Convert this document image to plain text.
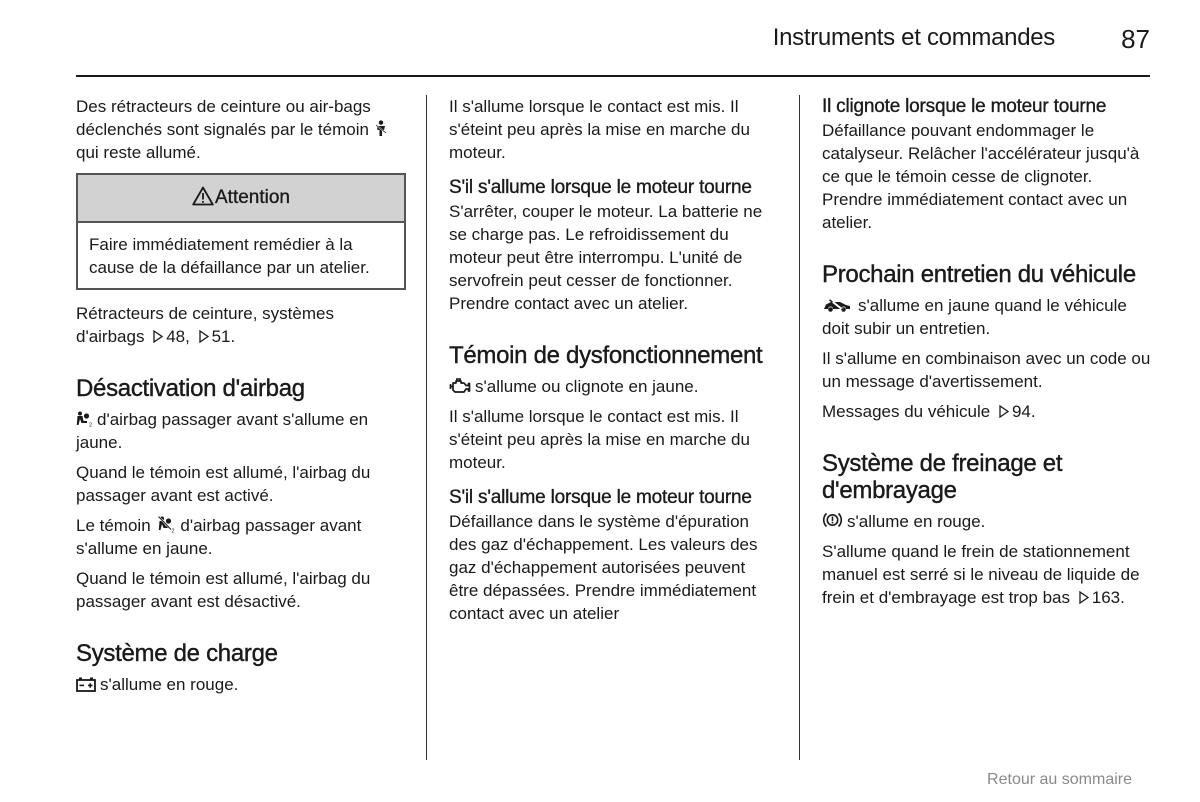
Instruments et commandes	87

Des rétracteurs de ceinture ou air-bags déclenchés sont signalés par le témoin  qui reste allumé.

Attention
Faire immédiatement remédier à la cause de la défaillance par un atelier.

Rétracteurs de ceinture, systèmes d'airbags 48, 51.

Désactivation d'airbag

2 d'airbag passager avant s'allume en jaune.

Quand le témoin est allumé, l'airbag du passager avant est activé.

Le témoin	2 d'airbag passager avant s'allume en jaune.

Quand le témoin est allumé, l'airbag du passager avant est désactivé.

Système de charge

s'allume en rouge.

Il s'allume lorsque le contact est mis. Il s'éteint peu après la mise en marche du moteur.

S'il s'allume lorsque le moteur tourne

S'arrêter, couper le moteur. La batterie ne se charge pas. Le refroidissement du moteur peut être interrompu. L'unité de servofrein peut cesser de fonctionner. Prendre contact avec un atelier.

Témoin de dysfonctionnement

s'allume ou clignote en jaune.

Il s'allume lorsque le contact est mis. Il s'éteint peu après la mise en marche du moteur.

S'il s'allume lorsque le moteur tourne

Défaillance dans le système d'épuration des gaz d'échappement. Les valeurs des gaz d'échappement autorisées peuvent être dépassées. Prendre immédiatement contact avec un atelier

Il clignote lorsque le moteur tourne

Défaillance pouvant endommager le catalyseur. Relâcher l'accélérateur jusqu'à ce que le témoin cesse de clignoter. Prendre immédiatement contact avec un atelier.

Prochain entretien du véhicule

s'allume en jaune quand le véhicule doit subir un entretien.

Il s'allume en combinaison avec un code ou un message d'avertissement.

Messages du véhicule 94.

Système de freinage et d'embrayage

s'allume en rouge.

S'allume quand le frein de stationnement manuel est serré si le niveau de liquide de frein et d'embrayage est trop bas 163.

Retour au sommaire
